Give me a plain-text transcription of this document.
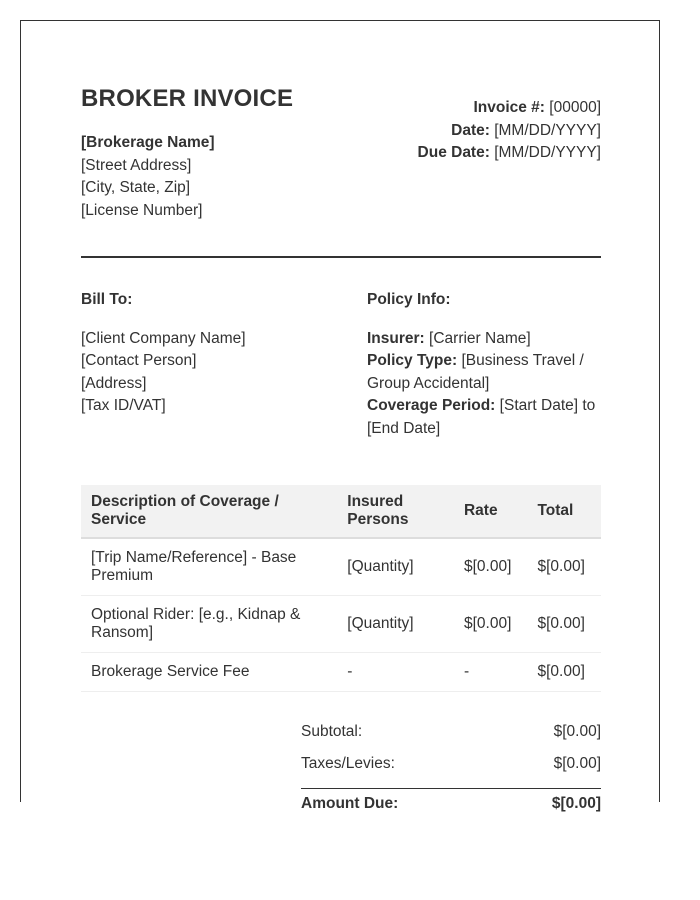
BROKER INVOICE
[Brokerage Name]
[Street Address]
[City, State, Zip]
[License Number]
Invoice #: [00000]
Date: [MM/DD/YYYY]
Due Date: [MM/DD/YYYY]
Bill To:
[Client Company Name]
[Contact Person]
[Address]
[Tax ID/VAT]
Policy Info:
Insurer: [Carrier Name]
Policy Type: [Business Travel / Group Accidental]
Coverage Period: [Start Date] to [End Date]
Description of Coverage / Service	Insured Persons	Rate	Total
[Trip Name/Reference] - Base Premium	[Quantity]	$[0.00]	$[0.00]
Optional Rider: [e.g., Kidnap & Ransom]	[Quantity]	$[0.00]	$[0.00]
Brokerage Service Fee	-	-	$[0.00]
Subtotal:	$[0.00]
Taxes/Levies:	$[0.00]
Amount Due:	$[0.00]
